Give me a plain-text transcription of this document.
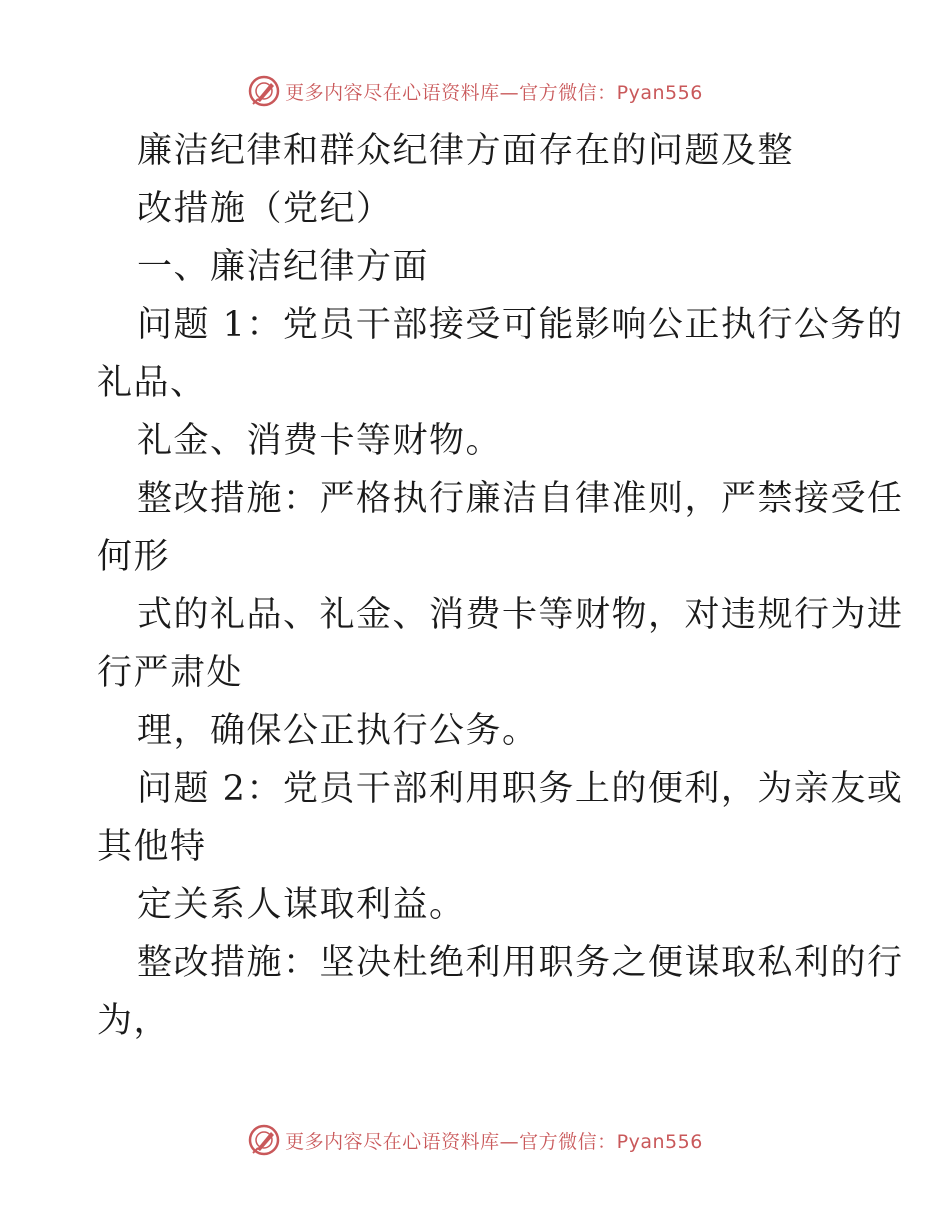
更多内容尽在心语资料库—官方微信：Pyan556
廉洁纪律和群众纪律方面存在的问题及整
改措施（党纪）
一、廉洁纪律方面
问题 1：党员干部接受可能影响公正执行公务的
礼品、
礼金、消费卡等财物。
整改措施：严格执行廉洁自律准则，严禁接受任
何形
式的礼品、礼金、消费卡等财物，对违规行为进
行严肃处
理，确保公正执行公务。
问题 2：党员干部利用职务上的便利，为亲友或
其他特
定关系人谋取利益。
整改措施：坚决杜绝利用职务之便谋取私利的行
为，
更多内容尽在心语资料库—官方微信：Pyan556
